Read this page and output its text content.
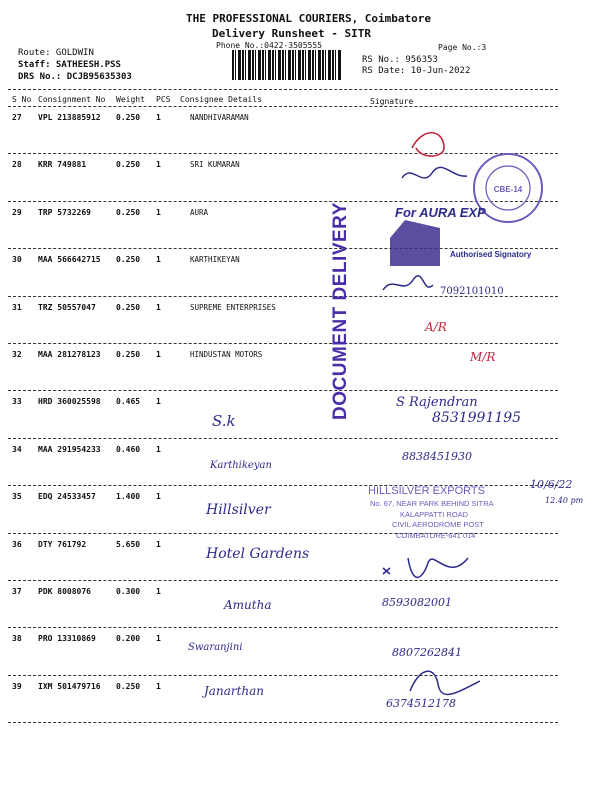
THE PROFESSIONAL COURIERS, Coimbatore
Delivery Runsheet - SITR
Phone No.:0422-3505555	Page No.:3
Route: GOLDWIN
Staff: SATHEESH.PSS
DRS No.: DCJB95635303
RS No.: 956353
RS Date: 10-Jun-2022
S No Consignment No Weight PCS Consignee Details	Signature
27 VPL 213885912 0.250 1	NANDHIVARAMAN
28 KRR 749881	0.250 1	SRI KUMARAN
29 TRP 5732269	0.250 1	AURA
30 MAA 566642715 0.250 1	KARTHIKEYAN
31 TRZ 50557047	0.250 1	SUPREME ENTERPRISES
32 MAA 281278123 0.250 1	HINDUSTAN MOTORS
33 HRD 360025598 0.465 1
34 MAA 291954233 0.460 1
35 EDQ 24533457	1.400 1
36 DTY 761792	5.650 1
37 PDK 8008076	0.300 1
38 PRO 13310869	0.200 1
39 IXM 501479716 0.250 1
DOCUMENT DELIVERY
CBE-14
For AURA EXP
Authorised Signatory
HILLSILVER EXPORTS
No. 67, NEAR PARK BEHIND SITRA
KALAPPATTI ROAD
CIVIL AERODROME POST
COIMBATORE-641 014
7092101010
A/R
M/R
S.k
S Rajendran
8531991195
Karthikeyan
8838451930
Hillsilver
10/6/22
12.40 pm
Hotel Gardens
Amutha	8593082001
Swaranjini	8807262841
Janarthan
6374512178
